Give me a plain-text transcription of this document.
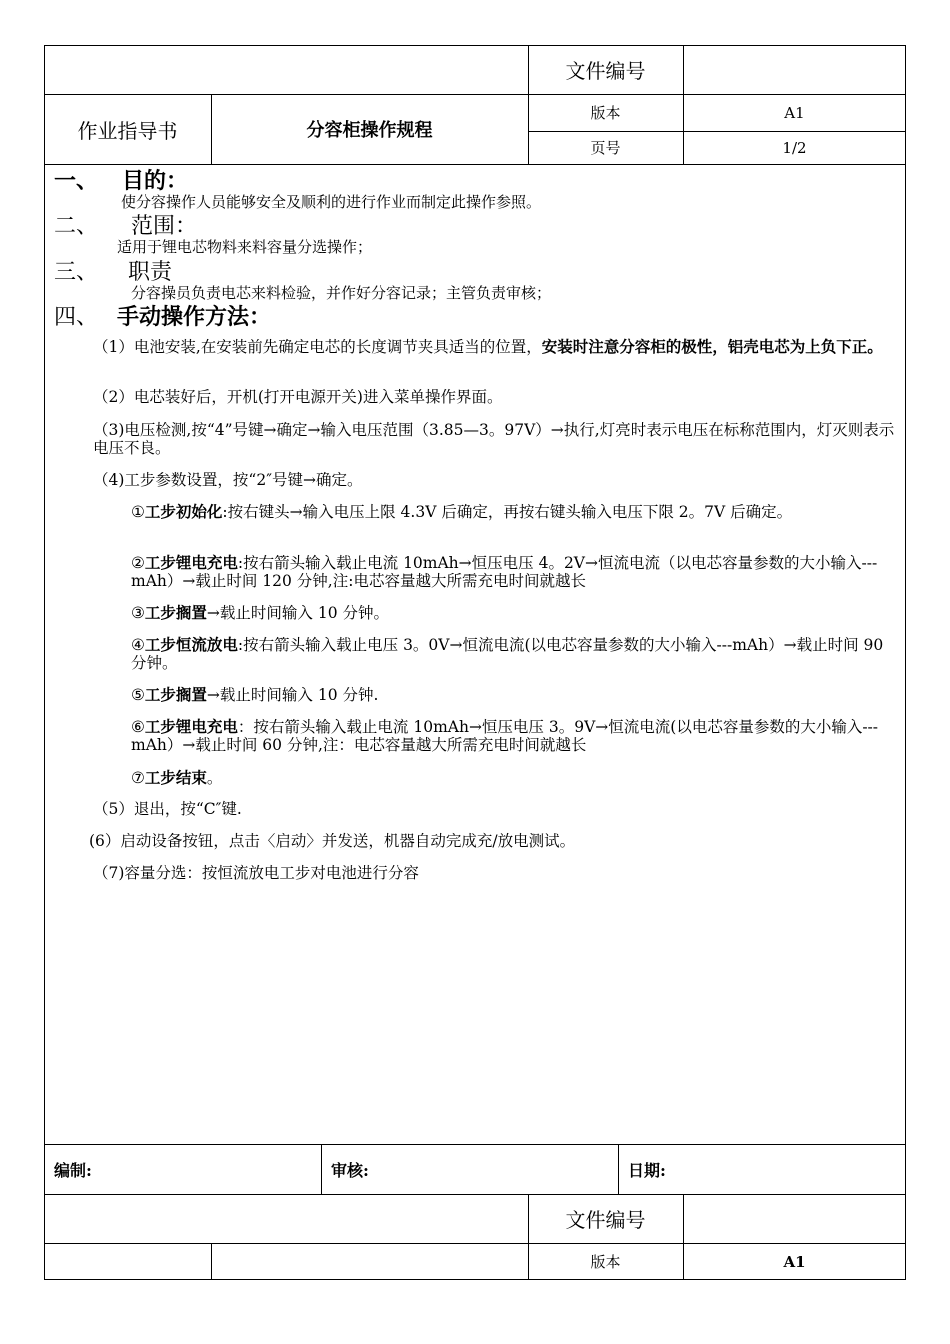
文件编号
作业指导书	分容柜操作规程
版本	A1
页号	1/2
一、 目的：
使分容操作人员能够安全及顺利的进行作业而制定此操作参照。
二、 范围：
适用于锂电芯物料来料容量分选操作；
三、 职责
分容操员负责电芯来料检验，并作好分容记录；主管负责审核；
四、 手动操作方法：
（1）电池安装,在安装前先确定电芯的长度调节夹具适当的位置，安装时注意分容柜的极性，铝壳电芯为上负下正。
（2）电芯装好后，开机(打开电源开关)进入菜单操作界面。
（3)电压检测,按“4”号键→确定→输入电压范围（3.85—3。97V）→执行,灯亮时表示电压在标称范围内，灯灭则表示电压不良。
（4)工步参数设置，按“2″号键→确定。
①工步初始化:按右键头→输入电压上限 4.3V 后确定，再按右键头输入电压下限 2。7V 后确定。
②工步锂电充电:按右箭头输入载止电流 10mAh→恒压电压 4。2V→恒流电流（以电芯容量参数的大小输入---mAh）→载止时间 120 分钟,注:电芯容量越大所需充电时间就越长
③工步搁置→载止时间输入 10 分钟。
④工步恒流放电:按右箭头输入载止电压 3。0V→恒流电流(以电芯容量参数的大小输入---mAh）→载止时间 90 分钟。
⑤工步搁置→载止时间输入 10 分钟.
⑥工步锂电充电：按右箭头输入载止电流 10mAh→恒压电压 3。9V→恒流电流(以电芯容量参数的大小输入---mAh）→载止时间 60 分钟,注：电芯容量越大所需充电时间就越长
⑦工步结束。
（5）退出，按“C″键.
(6）启动设备按钮，点击〈启动〉并发送，机器自动完成充/放电测试。
（7)容量分选：按恒流放电工步对电池进行分容
编制:	审核:	日期:
文件编号
版本	A1
